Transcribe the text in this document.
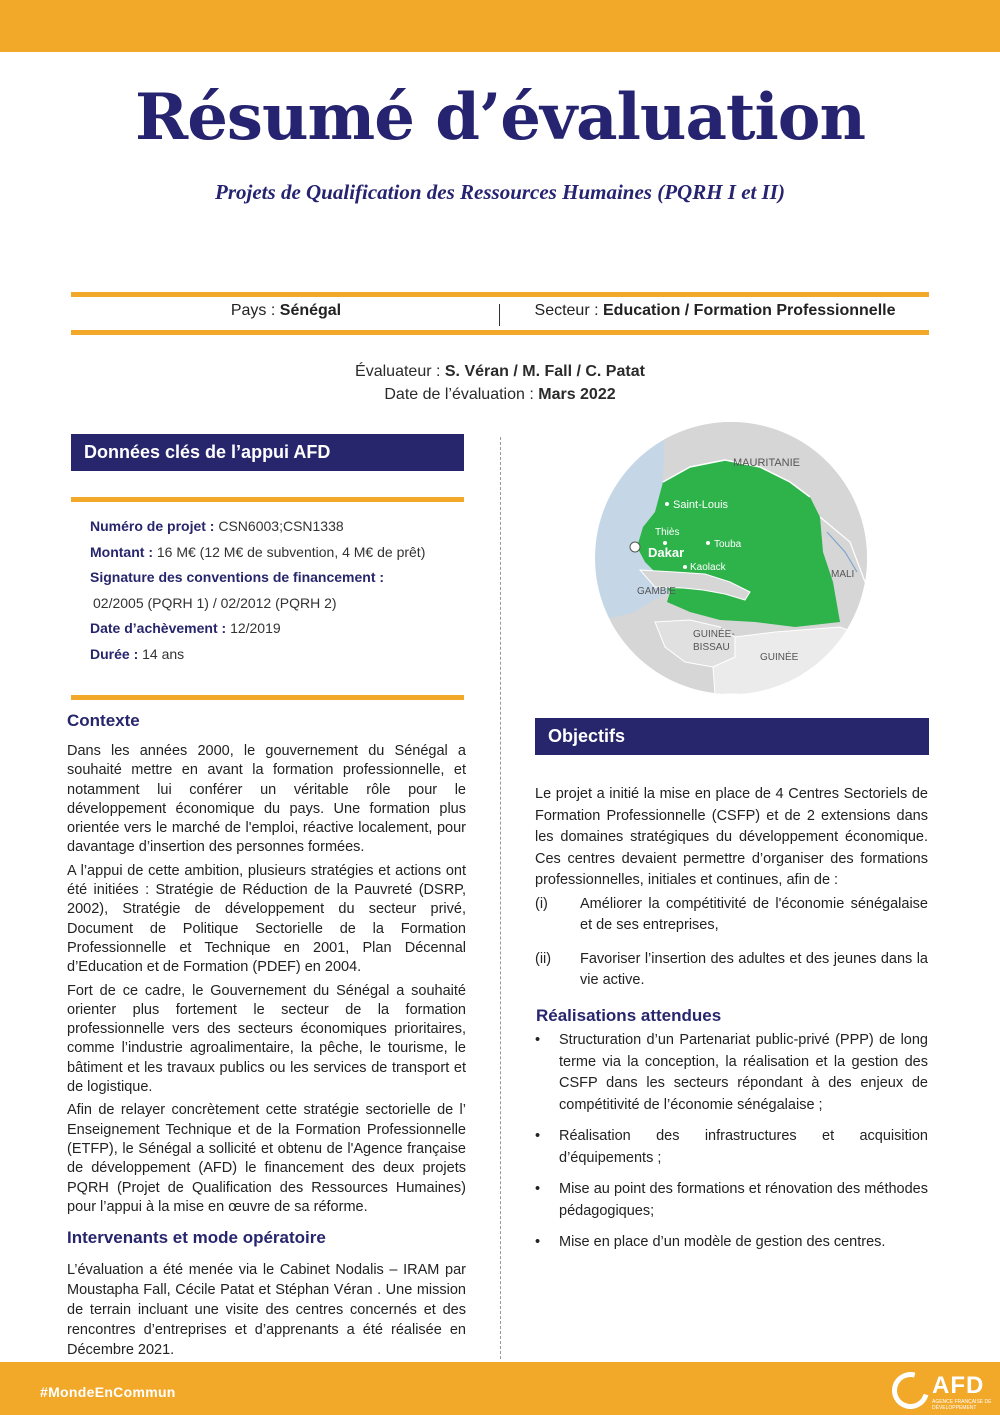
Résumé d’évaluation
Projets de Qualification des Ressources Humaines (PQRH I et II)
Pays : Sénégal	Secteur : Education / Formation Professionnelle
Évaluateur : S. Véran / M. Fall / C. Patat
Date de l’évaluation : Mars 2022
Données clés de l’appui AFD
Numéro de projet : CSN6003;CSN1338
Montant : 16 M€ (12 M€ de subvention, 4 M€ de prêt)
Signature des conventions de financement :
02/2005 (PQRH 1) / 02/2012 (PQRH 2)
Date d’achèvement : 12/2019
Durée : 14 ans
Contexte

Dans les années 2000, le gouvernement du Sénégal a souhaité mettre en avant la formation professionnelle, et notamment lui conférer un véritable rôle pour le développement économique du pays. Une formation plus orientée vers le marché de l'emploi, réactive localement, pour davantage d’insertion des personnes formées.

A l’appui de cette ambition, plusieurs stratégies et actions ont été initiées : Stratégie de Réduction de la Pauvreté (DSRP, 2002), Stratégie de développement du secteur privé, Document de Politique Sectorielle de la Formation Professionnelle et Technique en 2001, Plan Décennal d’Education et de Formation (PDEF) en 2004.

Fort de ce cadre, le Gouvernement du Sénégal a souhaité orienter plus fortement le secteur de la formation professionnelle vers des secteurs économiques prioritaires, comme l’industrie agroalimentaire, la pêche, le tourisme, le bâtiment et les travaux publics ou les services de transport et de logistique.

Afin de relayer concrètement cette stratégie sectorielle de l’ Enseignement Technique et de la Formation Professionnelle (ETFP), le Sénégal a sollicité et obtenu de l'Agence française de développement (AFD) le financement des deux projets PQRH (Projet de Qualification des Ressources Humaines) pour l’appui à la mise en œuvre de sa réforme.

Intervenants et mode opératoire

L’évaluation a été menée via le Cabinet Nodalis – IRAM par Moustapha Fall, Cécile Patat et Stéphan Véran . Une mission de terrain incluant une visite des centres concernés et des rencontres d’entreprises et d’apprenants a été réalisée en Décembre 2021.

MAURITANIE
Saint-Louis
Thiès
Dakar
Touba
Kaolack
MALI
GAMBIE
GUINÉE-
BISSAU
GUINÉE
Objectifs
Le projet a initié la mise en place de 4 Centres Sectoriels de Formation Professionnelle (CSFP) et de 2 extensions dans les domaines stratégiques du développement économique. Ces centres devaient permettre d’organiser des formations professionnelles, initiales et continues, afin de :
(i)	Améliorer la compétitivité de l'économie sénégalaise et de ses entreprises,
(ii)	Favoriser l’insertion des adultes et des jeunes dans la vie active.
Réalisations attendues
•	Structuration d’un Partenariat public-privé (PPP) de long terme via la conception, la réalisation et la gestion des CSFP dans les secteurs répondant à des enjeux de compétitivité de l’économie sénégalaise ;
•	Réalisation des infrastructures et acquisition d’équipements ;
•	Mise au point des formations et rénovation des méthodes pédagogiques;
•	Mise en place d’un modèle de gestion des centres.
#MondeEnCommun	AFD
AGENCE FRANÇAISE DE DÉVELOPPEMENT
